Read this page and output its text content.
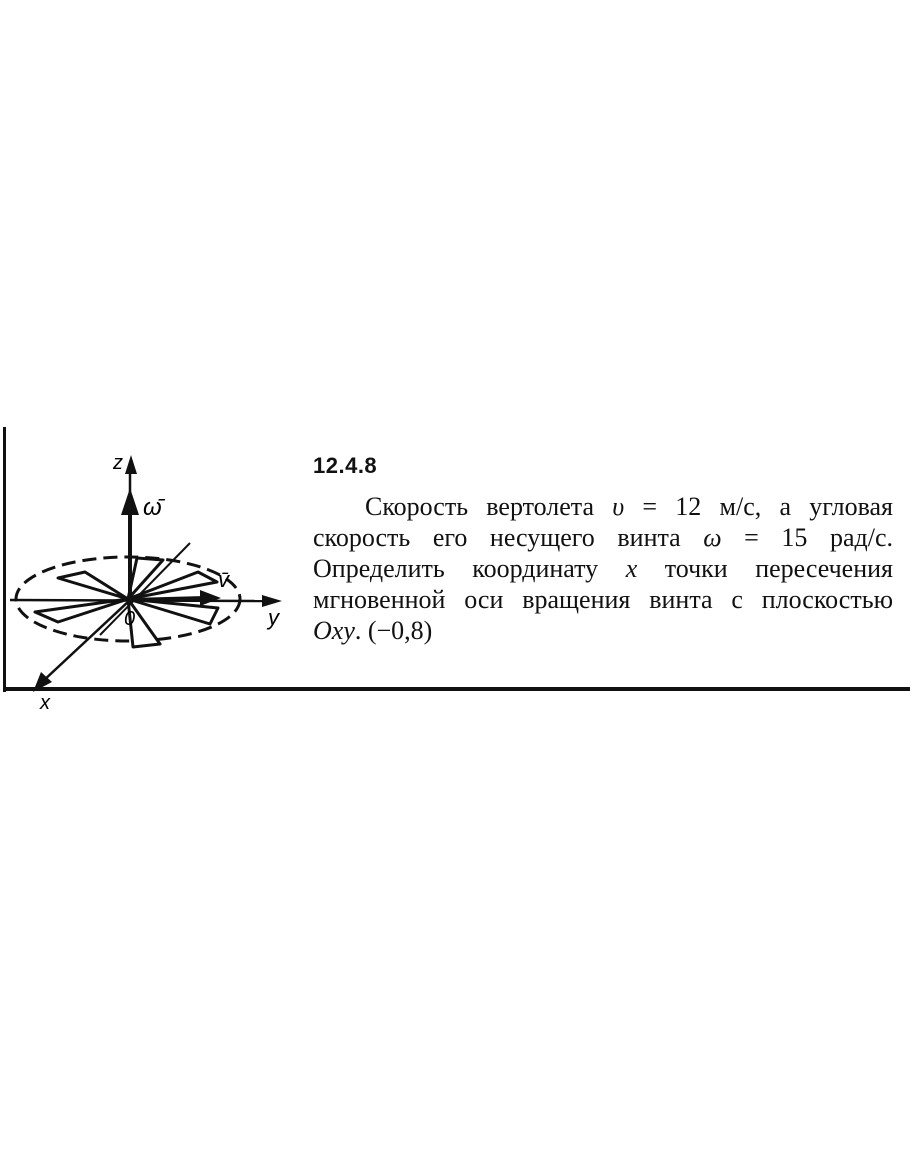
z
ω̄
v̄
0	y
x
12.4.8
Скорость вертолета υ = 12 м/с, а угловая
скорость его несущего винта ω = 15 рад/с.
Определить координату x точки пересечения
мгновенной оси вращения винта с плоскостью
Oxy. (−0,8)
